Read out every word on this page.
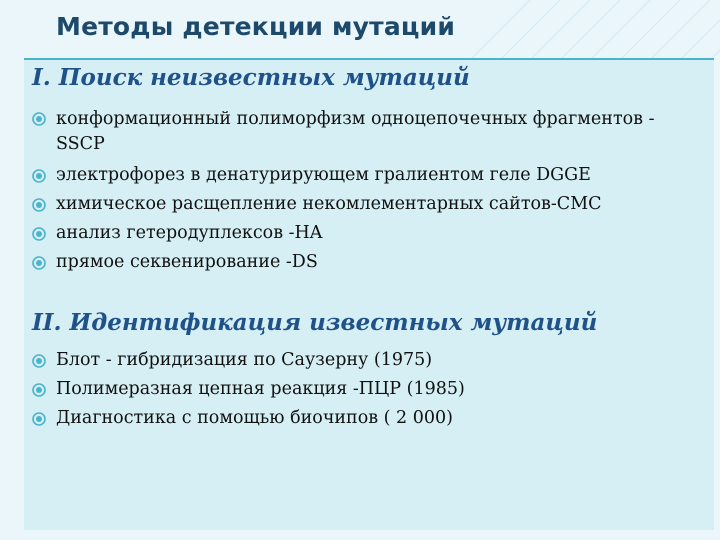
Методы детекции мутаций
I. Поиск неизвестных мутаций
конформационный полиморфизм одноцепочечных фрагментов -SSCP
электрофорез в денатурирующем гралиентом геле DGGE
химическое расщепление некомлементарных сайтов-CMC
анализ гетеродуплексов -HA
прямое секвенирование -DS
II. Идентификация известных мутаций
Блот - гибридизация по Саузерну (1975)
Полимеразная цепная реакция -ПЦР (1985)
Диагностика с помощью биочипов ( 2 000)
